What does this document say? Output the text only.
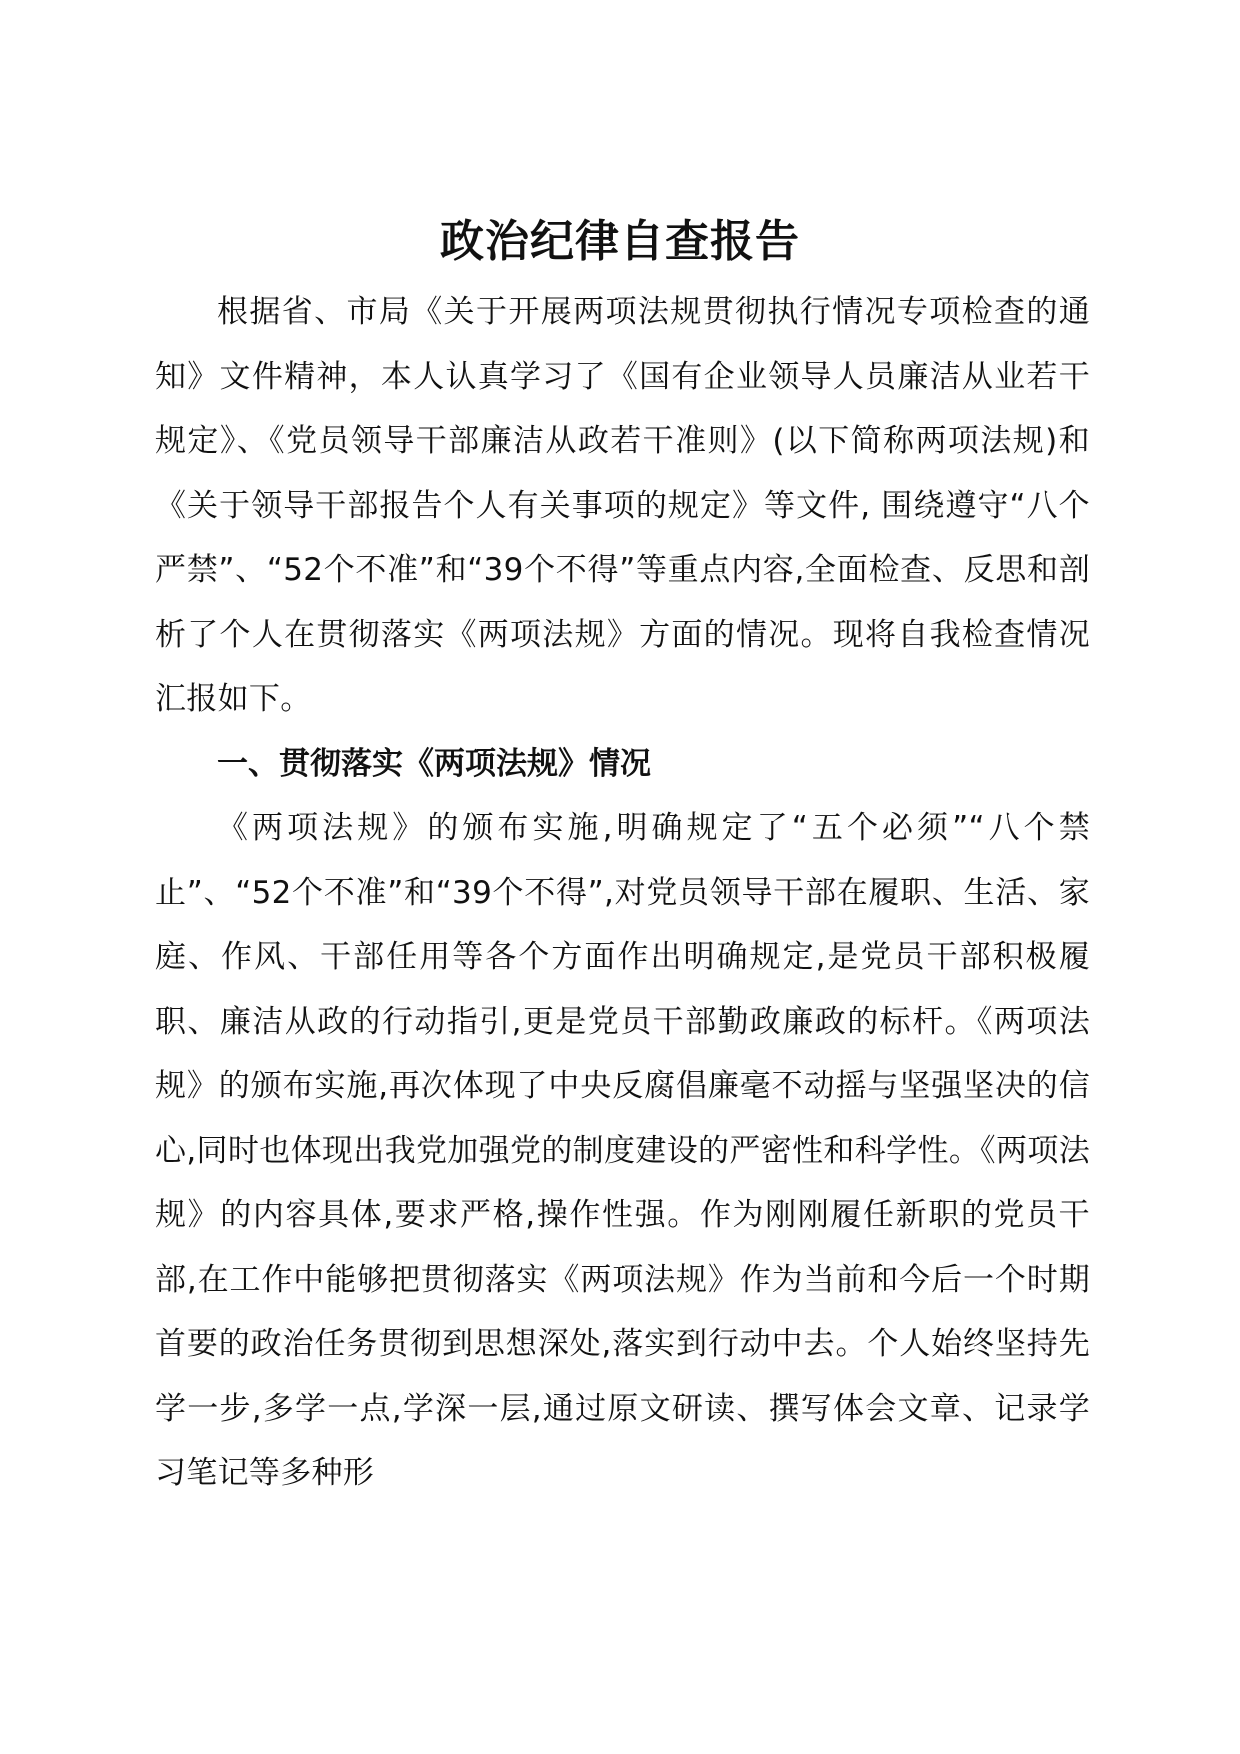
政治纪律自查报告

根据省、市局《关于开展两项法规贯彻执行情况专项检查的通知》文件精神，本人认真学习了《国有企业领导人员廉洁从业若干规定》、《党员领导干部廉洁从政若干准则》(以下简称两项法规)和《关于领导干部报告个人有关事项的规定》等文件, 围绕遵守“八个严禁”、“52个不准”和“39个不得”等重点内容,全面检查、反思和剖析了个人在贯彻落实《两项法规》方面的情况。现将自我检查情况汇报如下。

一、贯彻落实《两项法规》情况

《两项法规》的颁布实施,明确规定了“五个必须”“八个禁止”、“52个不准”和“39个不得”,对党员领导干部在履职、生活、家庭、作风、干部任用等各个方面作出明确规定,是党员干部积极履职、廉洁从政的行动指引,更是党员干部勤政廉政的标杆。《两项法规》的颁布实施,再次体现了中央反腐倡廉毫不动摇与坚强坚决的信心,同时也体现出我党加强党的制度建设的严密性和科学性。《两项法规》的内容具体,要求严格,操作性强。作为刚刚履任新职的党员干部,在工作中能够把贯彻落实《两项法规》作为当前和今后一个时期首要的政治任务贯彻到思想深处,落实到行动中去。个人始终坚持先学一步,多学一点,学深一层,通过原文研读、撰写体会文章、记录学习笔记等多种形
